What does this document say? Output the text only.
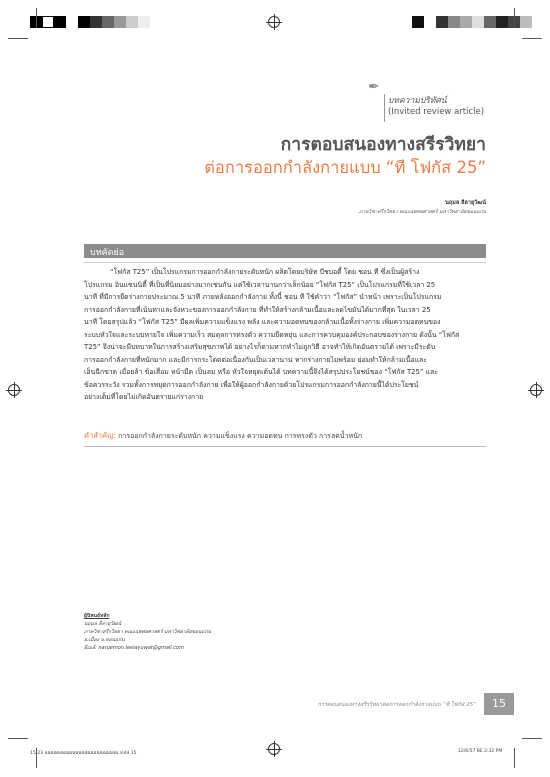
✒
บทความปริทัศน์
(Invited review article)
การตอบสนองทางสรีรวิทยา
ต่อการออกกำลังกายแบบ “ที โฟกัส 25”
นฤมล ลีลายุวัฒน์
ภาควิชาสรีรวิทยา คณะแพทยศาสตร์ มหาวิทยาลัยขอนแก่น
บทคัดย่อ
“โฟกัส T25” เป็นโปรแกรมการออกกำลังกายระดับหนัก ผลิตโดยบริษัท บีชบอดี้ โดย ชอน ที ซึ่งเป็นผู้สร้าง
โปรแกรม อินแซนนิตี้ ที่เป็นที่นิยมอย่างมากเช่นกัน แต่ใช้เวลานานกว่าเล็กน้อย “โฟกัส T25” เป็นโปรแกรมที่ใช้เวลา 25
นาที ที่มีการยืดร่างกายประมาณ 5 นาที ภายหลังออกกำลังกาย ทั้งนี้ ชอน ที ใช้คำว่า “โฟกัส” นำหน้า เพราะเป็นโปรแกรม
การออกกำลังกายที่เน้นท่าและจังหวะของการออกกำลังกาย ที่ทำให้สร้างกล้ามเนื้อและลดไขมันได้มากที่สุด ในเวลา 25
นาที โดยสรุปแล้ว “โฟกัส T25” มีผลเพิ่มความแข็งแรง พลัง และความอดทนของกล้ามเนื้อทั้งร่างกาย เพิ่มความอดทนของ
ระบบหัวใจและระบบหายใจ เพิ่มความเร็ว สมดุลการทรงตัว ความยืดหยุ่น และการควบคุมองค์ประกอบของร่างกาย ดังนั้น “โฟกัส
T25” จึงน่าจะมีบทบาทในการสร้างเสริมสุขภาพได้ อย่างไรก็ตามหากทำไม่ถูกวิธี อาจทำให้เกิดอันตรายได้ เพราะมีระดับ
การออกกำลังกายที่หนักมาก และมีการกระโดดต่อเนื่องกันเป็นเวลานาน หากร่างกายไม่พร้อม ย่อมทำให้กล้ามเนื้อและ
เอ็นฉีกขาด เมื่อยล้า ข้อเสื่อม หน้ามืด เป็นลม หรือ หัวใจหยุดเต้นได้ บทความนี้จึงได้สรุปประโยชน์ของ “โฟกัส T25” และ
ข้อควรระวัง รวมทั้งการหยุดการออกกำลังกาย เพื่อให้ผู้ออกกำลังกายด้วยโปรแกรมการออกกำลังกายนี้ได้ประโยชน์
อย่างเต็มที่โดยไม่เกิดอันตรายแก่ร่างกาย
คำสำคัญ: การออกกำลังกายระดับหนัก ความแข็งแรง ความอดทน การทรงตัว การลดน้ำหนัก
ผู้นิพนธ์หลัก
นฤมล ลีลายุวัฒน์
ภาควิชาสรีรวิทยา คณะแพทยศาสตร์ มหาวิทยาลัยขอนแก่น
อ.เมือง จ.ขอนแก่น
อีเมล์: naruemon.leelayuwat@gmail.com
การตอบสนองทางสรีรวิทยาต่อการออกกำลังกายแบบ “ที โฟกัส 25”	15
15-23 ฉฉฉฉฉฉฉฉฉฉฉฉฉฉฉฉฉฉฉฉฉฉฉฉ.indd 15	12/6/57 BE 2:32 PM
